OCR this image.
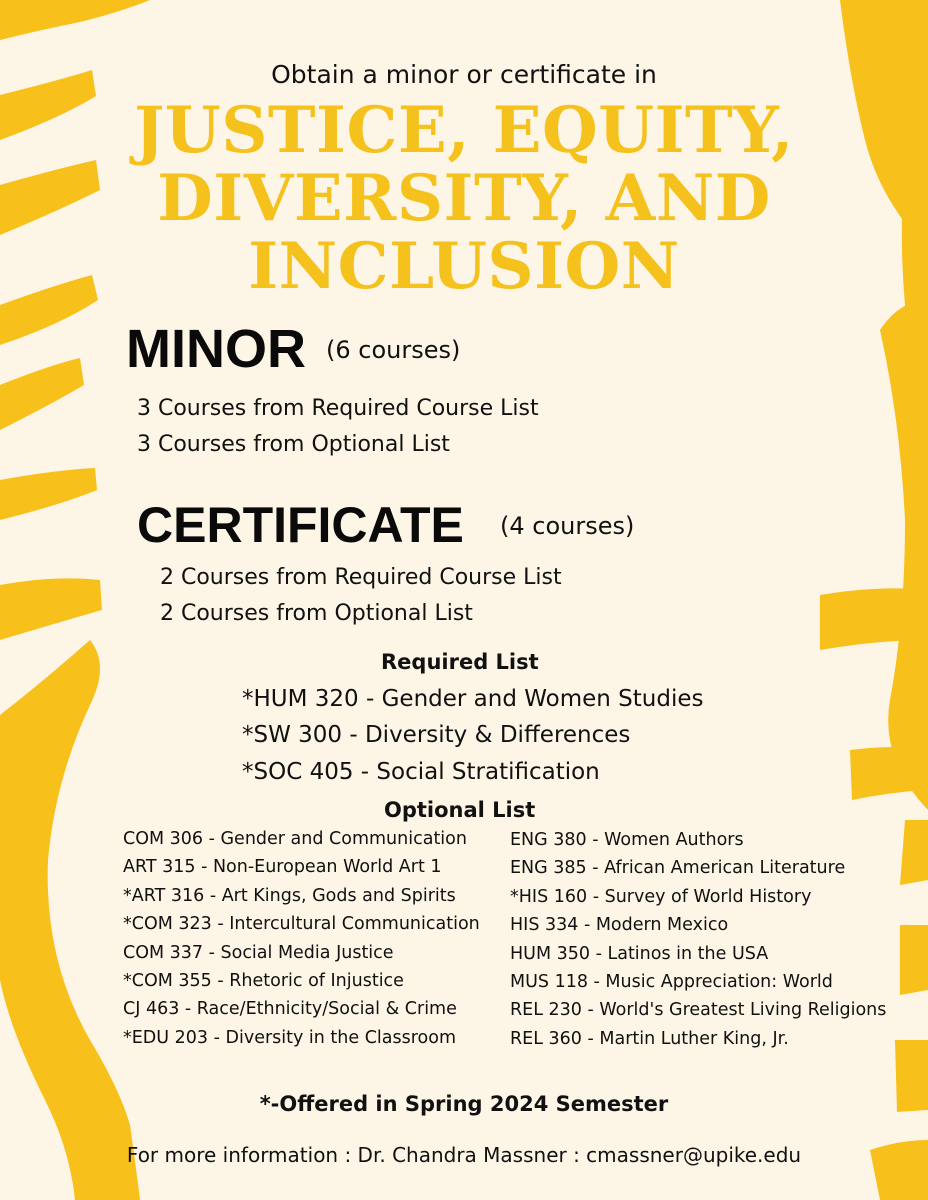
Obtain a minor or certificate in
JUSTICE, EQUITY,
DIVERSITY, AND
INCLUSION
MINOR (6 courses)
3 Courses from Required Course List
3 Courses from Optional List
CERTIFICATE (4 courses)
2 Courses from Required Course List
2 Courses from Optional List
Required List
*HUM 320 - Gender and Women Studies
*SW 300 - Diversity & Differences
*SOC 405 - Social Stratification
Optional List
COM 306 - Gender and Communication
ART 315 - Non-European World Art 1
*ART 316 - Art Kings, Gods and Spirits
*COM 323 - Intercultural Communication
COM 337 - Social Media Justice
*COM 355 - Rhetoric of Injustice
CJ 463 - Race/Ethnicity/Social & Crime
*EDU 203 - Diversity in the Classroom
ENG 380 - Women Authors
ENG 385 - African American Literature
*HIS 160 - Survey of World History
HIS 334 - Modern Mexico
HUM 350 - Latinos in the USA
MUS 118 - Music Appreciation: World
REL 230 - World's Greatest Living Religions
REL 360 - Martin Luther King, Jr.
*-Offered in Spring 2024 Semester
For more information : Dr. Chandra Massner : cmassner@upike.edu
